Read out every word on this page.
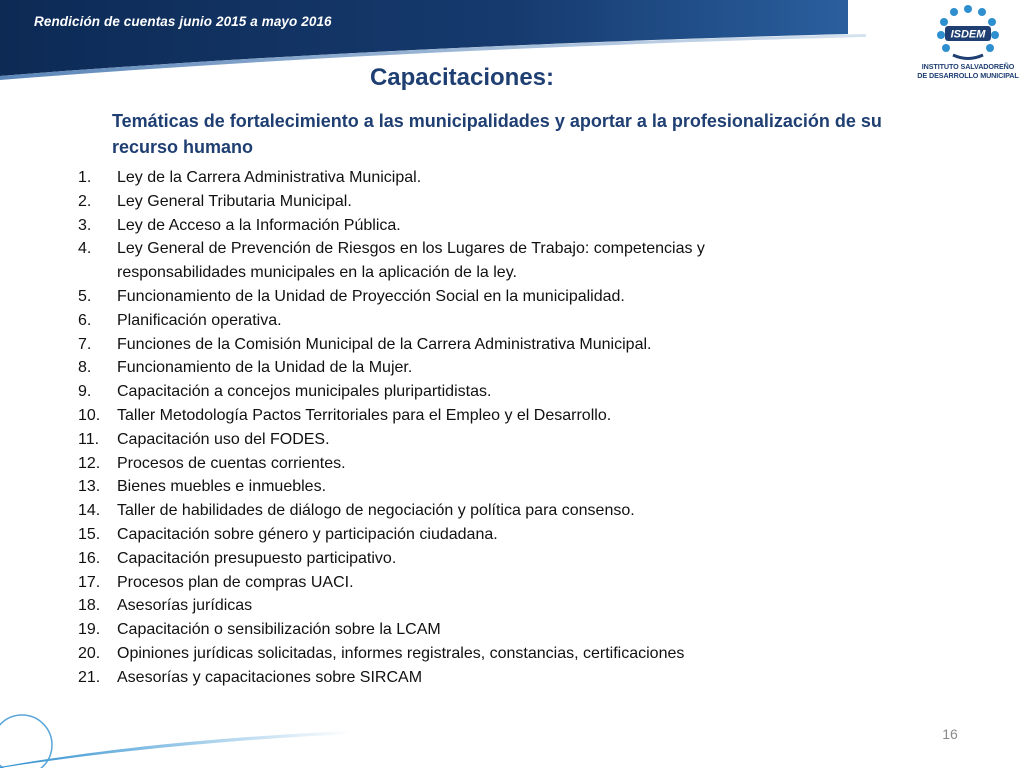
Rendición de cuentas junio 2015 a mayo 2016
ISDEM
INSTITUTO SALVADOREÑO
DE DESARROLLO MUNICIPAL
Capacitaciones:
Temáticas de fortalecimiento a las municipalidades y aportar a la profesionalización de su recurso humano
1.	Ley de la Carrera Administrativa Municipal.
2.	Ley General Tributaria Municipal.
3.	Ley de Acceso a la Información Pública.
4.	Ley General de Prevención de Riesgos en los Lugares de Trabajo: competencias y responsabilidades municipales en la aplicación de la ley.
5.	Funcionamiento de la Unidad de Proyección Social en la municipalidad.
6.	Planificación operativa.
7.	Funciones de la Comisión Municipal de la Carrera Administrativa Municipal.
8.	Funcionamiento de la Unidad de la Mujer.
9.	Capacitación a concejos municipales pluripartidistas.
10.	Taller Metodología Pactos Territoriales para el Empleo y el Desarrollo.
11.	Capacitación uso del FODES.
12.	Procesos de cuentas corrientes.
13.	Bienes muebles e inmuebles.
14.	Taller de habilidades de diálogo de negociación y política para consenso.
15.	Capacitación sobre género y participación ciudadana.
16.	Capacitación presupuesto participativo.
17.	Procesos plan de compras UACI.
18.	Asesorías jurídicas
19.	Capacitación o sensibilización sobre la LCAM
20.	Opiniones jurídicas solicitadas, informes registrales, constancias, certificaciones
21.	Asesorías y capacitaciones sobre SIRCAM
16
